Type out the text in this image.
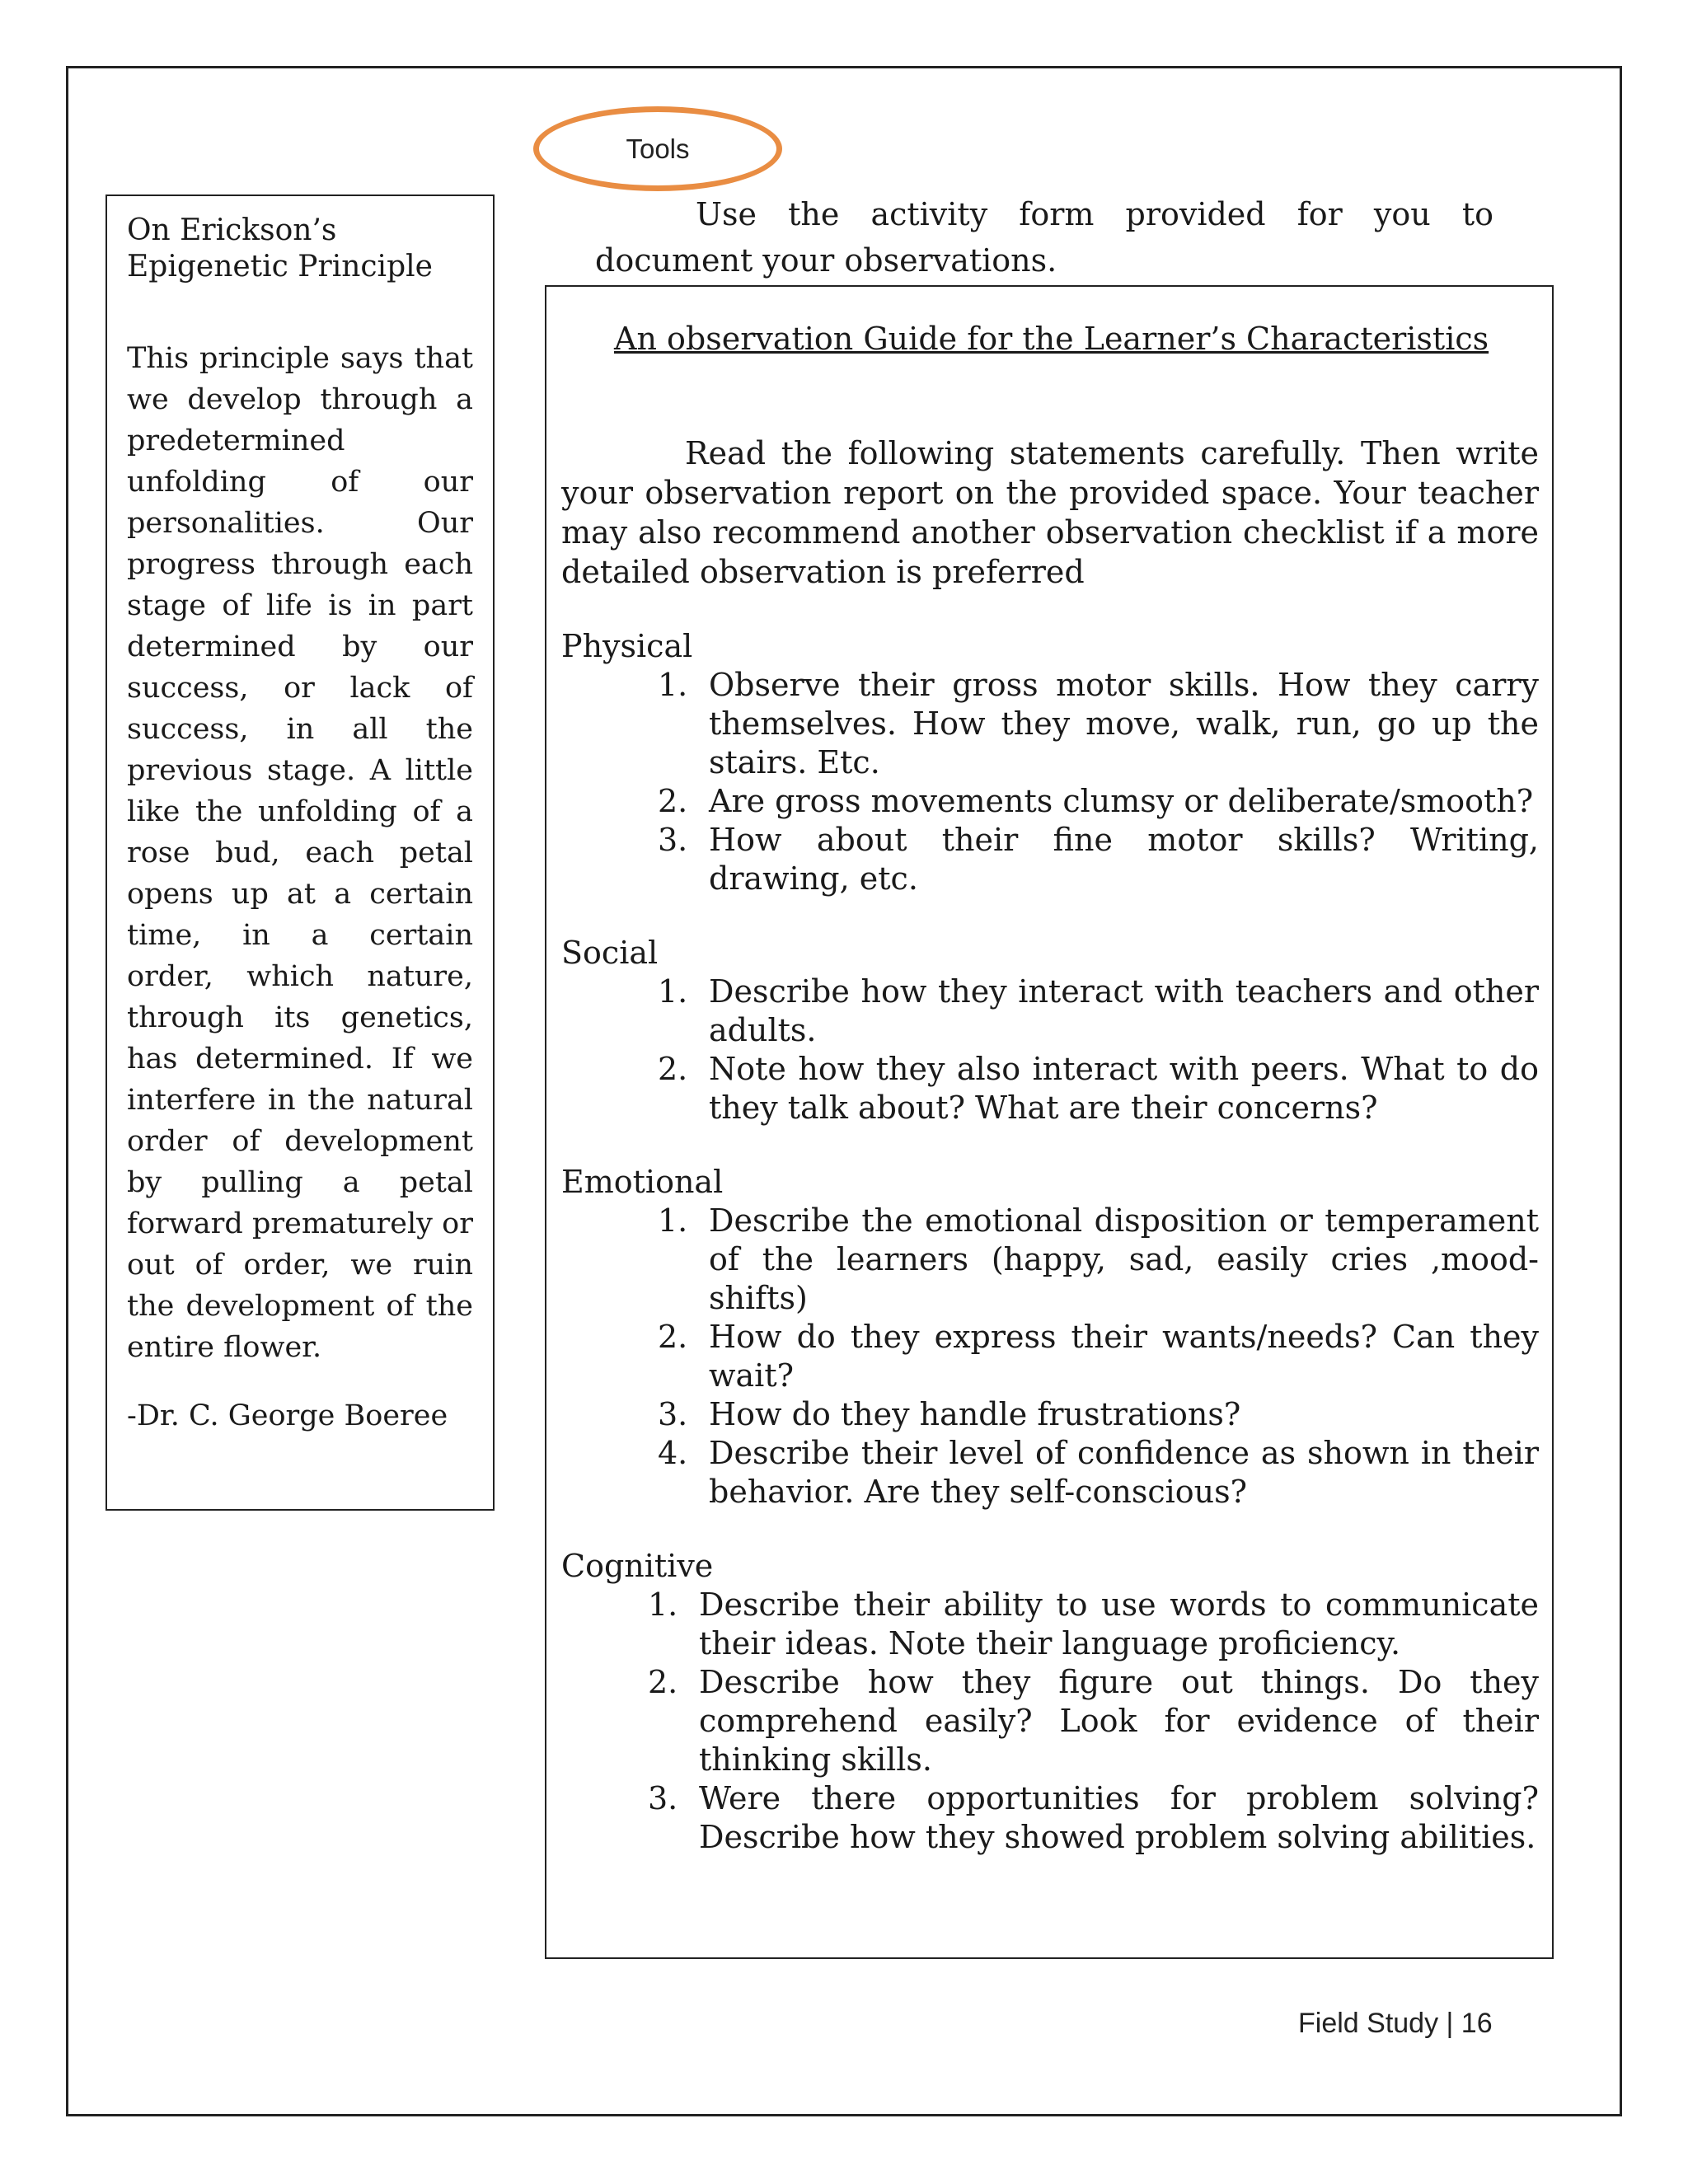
Tools
On Erickson’s
Epigenetic Principle

This principle says that we develop through a predetermined unfolding of our personalities. Our progress through each stage of life is in part determined by our success, or lack of success, in all the previous stage. A little like the unfolding of a rose bud, each petal opens up at a certain time, in a certain order, which nature, through its genetics, has determined. If we interfere in the natural order of development by pulling a petal forward prematurely or out of order, we ruin the development of the entire flower.

-Dr. C. George Boeree

Use the activity form provided for you to document your observations.

An observation Guide for the Learner’s Characteristics

Read the following statements carefully. Then write your observation report on the provided space. Your teacher may also recommend another observation checklist if a more detailed observation is preferred

Physical

1. Observe their gross motor skills. How they carry themselves. How they move, walk, run, go up the stairs. Etc.
2. Are gross movements clumsy or deliberate/smooth?
3. How about their fine motor skills? Writing, drawing, etc.

Social

1. Describe how they interact with teachers and other adults.
2. Note how they also interact with peers. What to do they talk about? What are their concerns?

Emotional

1. Describe the emotional disposition or temperament of the learners (happy, sad, easily cries ,mood-shifts)
2. How do they express their wants/needs? Can they wait?
3. How do they handle frustrations?
4. Describe their level of confidence as shown in their behavior. Are they self-conscious?

Cognitive

1. Describe their ability to use words to communicate their ideas. Note their language proficiency.
2. Describe how they figure out things. Do they comprehend easily? Look for evidence of their thinking skills.
3. Were there opportunities for problem solving? Describe how they showed problem solving abilities.
Field Study | 16
